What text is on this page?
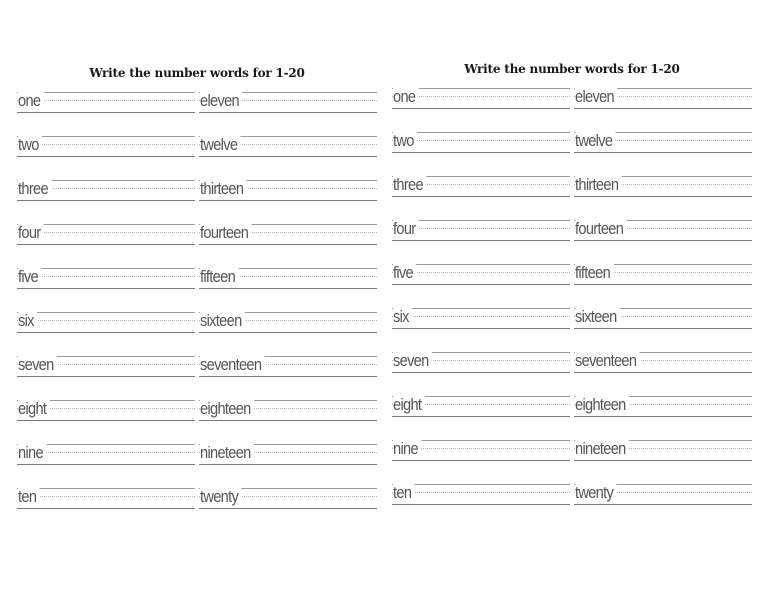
Write the number words for 1-20
one	eleven
two	twelve
three	thirteen
four	fourteen
five	fifteen
six	sixteen
seven	seventeen
eight	eighteen
nine	nineteen
ten	twenty
Write the number words for 1-20
one	eleven
two	twelve
three	thirteen
four	fourteen
five	fifteen
six	sixteen
seven	seventeen
eight	eighteen
nine	nineteen
ten	twenty
